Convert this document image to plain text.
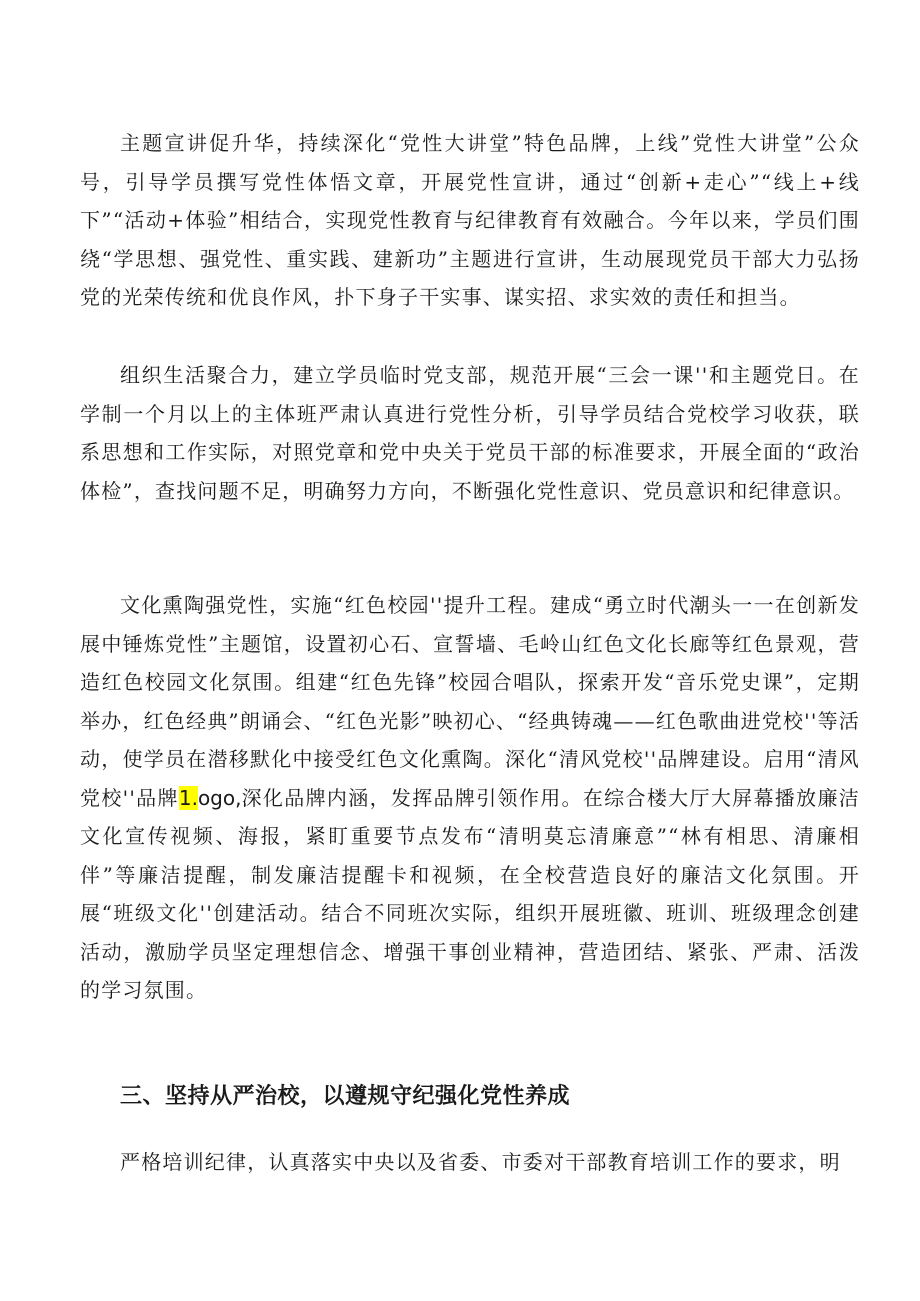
主题宣讲促升华，持续深化“党性大讲堂”特色品牌，上线”党性大讲堂”公众号，引导学员撰写党性体悟文章，开展党性宣讲，通过“创新+走心”“线上+线下”“活动+体验”相结合，实现党性教育与纪律教育有效融合。今年以来，学员们围绕“学思想、强党性、重实践、建新功”主题进行宣讲，生动展现党员干部大力弘扬党的光荣传统和优良作风，扑下身子干实事、谋实招、求实效的责任和担当。

组织生活聚合力，建立学员临时党支部，规范开展“三会一课''和主题党日。在学制一个月以上的主体班严肃认真进行党性分析，引导学员结合党校学习收获，联系思想和工作实际，对照党章和党中央关于党员干部的标准要求，开展全面的“政治体检”，查找问题不足，明确努力方向，不断强化党性意识、党员意识和纪律意识。

文化熏陶强党性，实施“红色校园''提升工程。建成“勇立时代潮头一一在创新发展中锤炼党性”主题馆，设置初心石、宣誓墙、毛岭山红色文化长廊等红色景观，营造红色校园文化氛围。组建“红色先锋”校园合唱队，探索开发“音乐党史课”，定期举办，红色经典”朗诵会、“红色光影”映初心、“经典铸魂——红色歌曲进党校''等活动，使学员在潜移默化中接受红色文化熏陶。深化“清风党校''品牌建设。启用“清风党校''品牌1.ogo,深化品牌内涵，发挥品牌引领作用。在综合楼大厅大屏幕播放廉洁文化宣传视频、海报，紧盯重要节点发布“清明莫忘清廉意”“林有相思、清廉相伴”等廉洁提醒，制发廉洁提醒卡和视频，在全校营造良好的廉洁文化氛围。开展“班级文化''创建活动。结合不同班次实际，组织开展班徽、班训、班级理念创建活动，激励学员坚定理想信念、增强干事创业精神，营造团结、紧张、严肃、活泼的学习氛围。

三、坚持从严治校，以遵规守纪强化党性养成

严格培训纪律，认真落实中央以及省委、市委对干部教育培训工作的要求，明
